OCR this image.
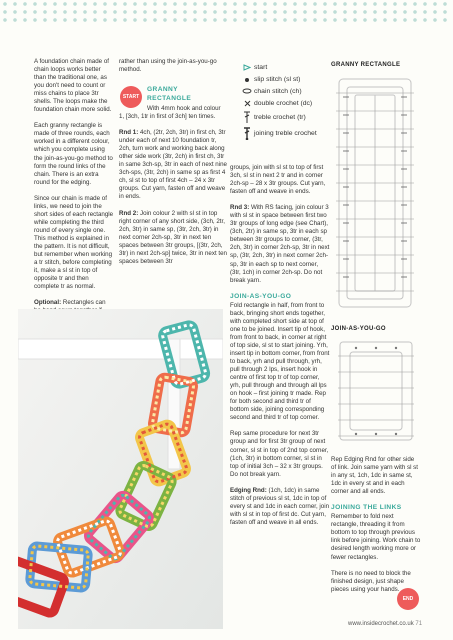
A foundation chain made of chain loops works better than the traditional one, as you don't need to count or miss chains to place 3tr shells. The loops make the foundation chain more solid.

Each granny rectangle is made of three rounds, each worked in a different colour, which you complete using the join-as-you-go method to form the round links of the chain. There is an extra round for the edging.

Since our chain is made of links, we need to join the short sides of each rectangle while completing the third round of every single one. This method is explained in the pattern. It is not difficult, but remember when working a tr stitch, before completing it, make a sl st in top of opposite tr and then complete tr as normal.

Optional: Rectangles can

rather than using the join-as-you-go method.
START
GRANNY RECTANGLE

With 4mm hook and colour 1, [3ch, 1tr in first of 3ch] ten times.

Rnd 1: 4ch, (2tr, 2ch, 3tr) in first ch, 3tr under each of next 10 foundation tr, 2ch, turn work and working back along other side work (3tr, 2ch) in first ch, 3tr in same 3ch-sp, 3tr in each of next nine 3ch-sps, (3tr, 2ch) in same sp as first 4 ch, sl st to top of first 4ch – 24 x 3tr groups. Cut yarn, fasten off and weave in ends.

Rnd 2: Join colour 2 with sl st in top right corner of any short side, (3ch, 2tr, 2ch, 3tr) in same sp, (3tr, 2ch, 3tr) in next corner 2ch-sp, 3tr in next ten spaces between 3tr groups, [(3tr, 2ch, 3tr) in next 2ch-sp] twice, 3tr in next ten spaces between 3tr

start
slip stitch (sl st)
chain stitch (ch)
double crochet (dc)
treble crochet (tr)
joining treble crochet

groups, join with sl st to top of first 3ch, sl st in next 2 tr and in corner 2ch-sp – 28 x 3tr groups. Cut yarn, fasten off and weave in ends.

Rnd 3: With RS facing, join colour 3 with sl st in space between first two 3tr groups of long edge (see Chart), (3ch, 2tr) in same sp, 3tr in each sp between 3tr groups to corner, (3tr, 2ch, 3tr) in corner 2ch-sp, 3tr in next sp, (3tr, 2ch, 3tr) in next corner 2ch-sp, 3tr in each sp to next corner, (3tr, 1ch) in corner 2ch-sp. Do not break yarn.

JOIN-AS-YOU-GO

Fold rectangle in half, from front to back, bringing short ends together, with completed short side at top of one to be joined. Insert tip of hook, from front to back, in corner at right of top side, sl st to start joining. Yrh, insert tip in bottom corner, from front to back, yrh and pull through, yrh, pull through 2 lps, insert hook in centre of first top tr of top corner, yrh, pull through and through all lps on hook – first joining tr made. Rep for both second and third tr of bottom side, joining corresponding second and third tr of top corner.

Rep same procedure for next 3tr group and for first 3tr group of next corner, sl st in top of 2nd top corner, (1ch, 3tr) in bottom corner, sl st in top of initial 3ch – 32 x 3tr groups. Do not break yarn.

Edging Rnd: (1ch, 1dc) in same stitch of previous sl st, 1dc in top of every st and 1dc in each corner, join with sl st in top of first dc. Cut yarn, fasten off and weave in all ends.

GRANNY RECTANGLE
JOIN-AS-YOU-GO

Rep Edging Rnd for other side of link. Join same yarn with sl st in any st, 1ch, 1dc in same st, 1dc in every st and in each corner and all ends.

JOINING THE LINKS

Remember to fold next rectangle, threading it from bottom to top through previous link before joining. Work chain to desired length working more or fewer rectangles.

There is no need to block the finished design, just shape pieces using your hands.

END
www.insidecrochet.co.uk 71
